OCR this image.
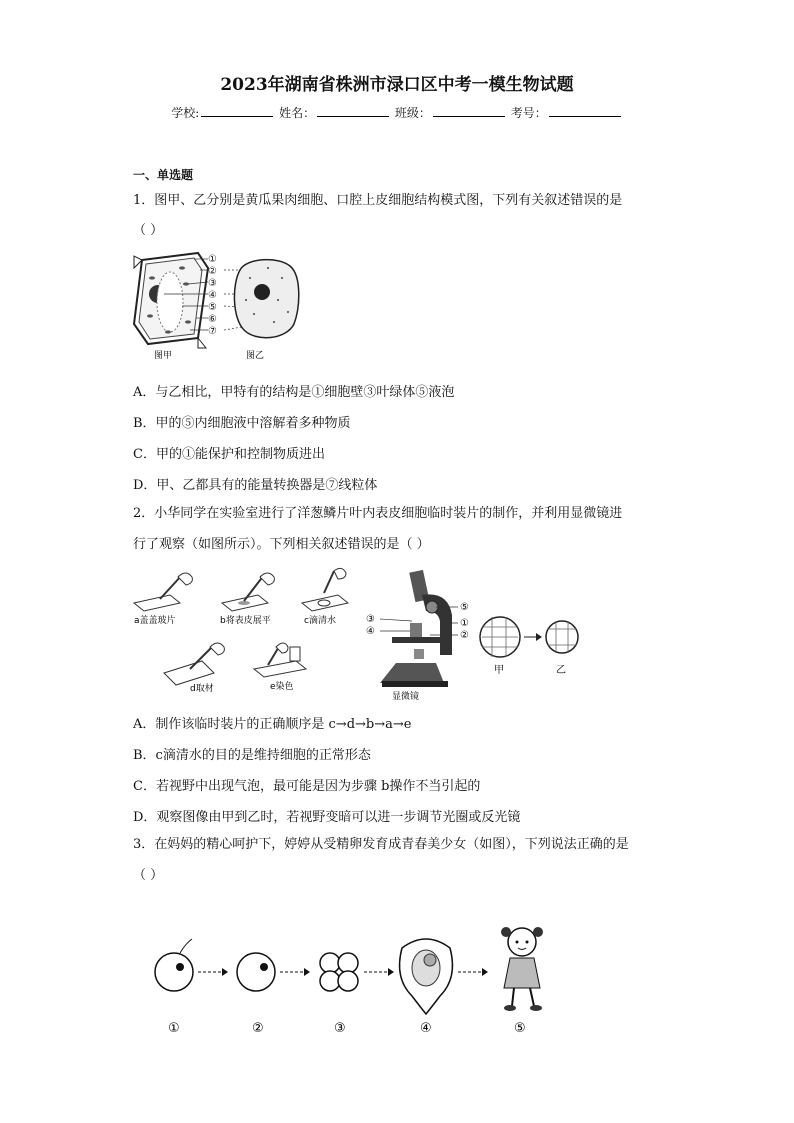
2023年湖南省株洲市渌口区中考一模生物试题
学校:	姓名：	班级：	考号：
一、单选题
1．图甲、乙分别是黄瓜果肉细胞、口腔上皮细胞结构模式图，下列有关叙述错误的是
（ ）
①
②
③
④
⑤
⑥
⑦
图甲	图乙
A．与乙相比，甲特有的结构是①细胞壁③叶绿体⑤液泡
B．甲的⑤内细胞液中溶解着多种物质
C．甲的①能保护和控制物质进出
D．甲、乙都具有的能量转换器是⑦线粒体
2．小华同学在实验室进行了洋葱鳞片叶内表皮细胞临时装片的制作，并利用显微镜进
行了观察（如图所示）。下列相关叙述错误的是（ ）
a盖盖玻片	b将表皮展平	c滴清水
d取材	e染色
⑤
①
②
③
④
显微镜
甲	乙
A．制作该临时装片的正确顺序是 c→d→b→a→e
B．c滴清水的目的是维持细胞的正常形态
C．若视野中出现气泡，最可能是因为步骤 b操作不当引起的
D．观察图像由甲到乙时，若视野变暗可以进一步调节光圈或反光镜
3．在妈妈的精心呵护下，婷婷从受精卵发育成青春美少女（如图），下列说法正确的是
（ ）
①	②	③	④	⑤
